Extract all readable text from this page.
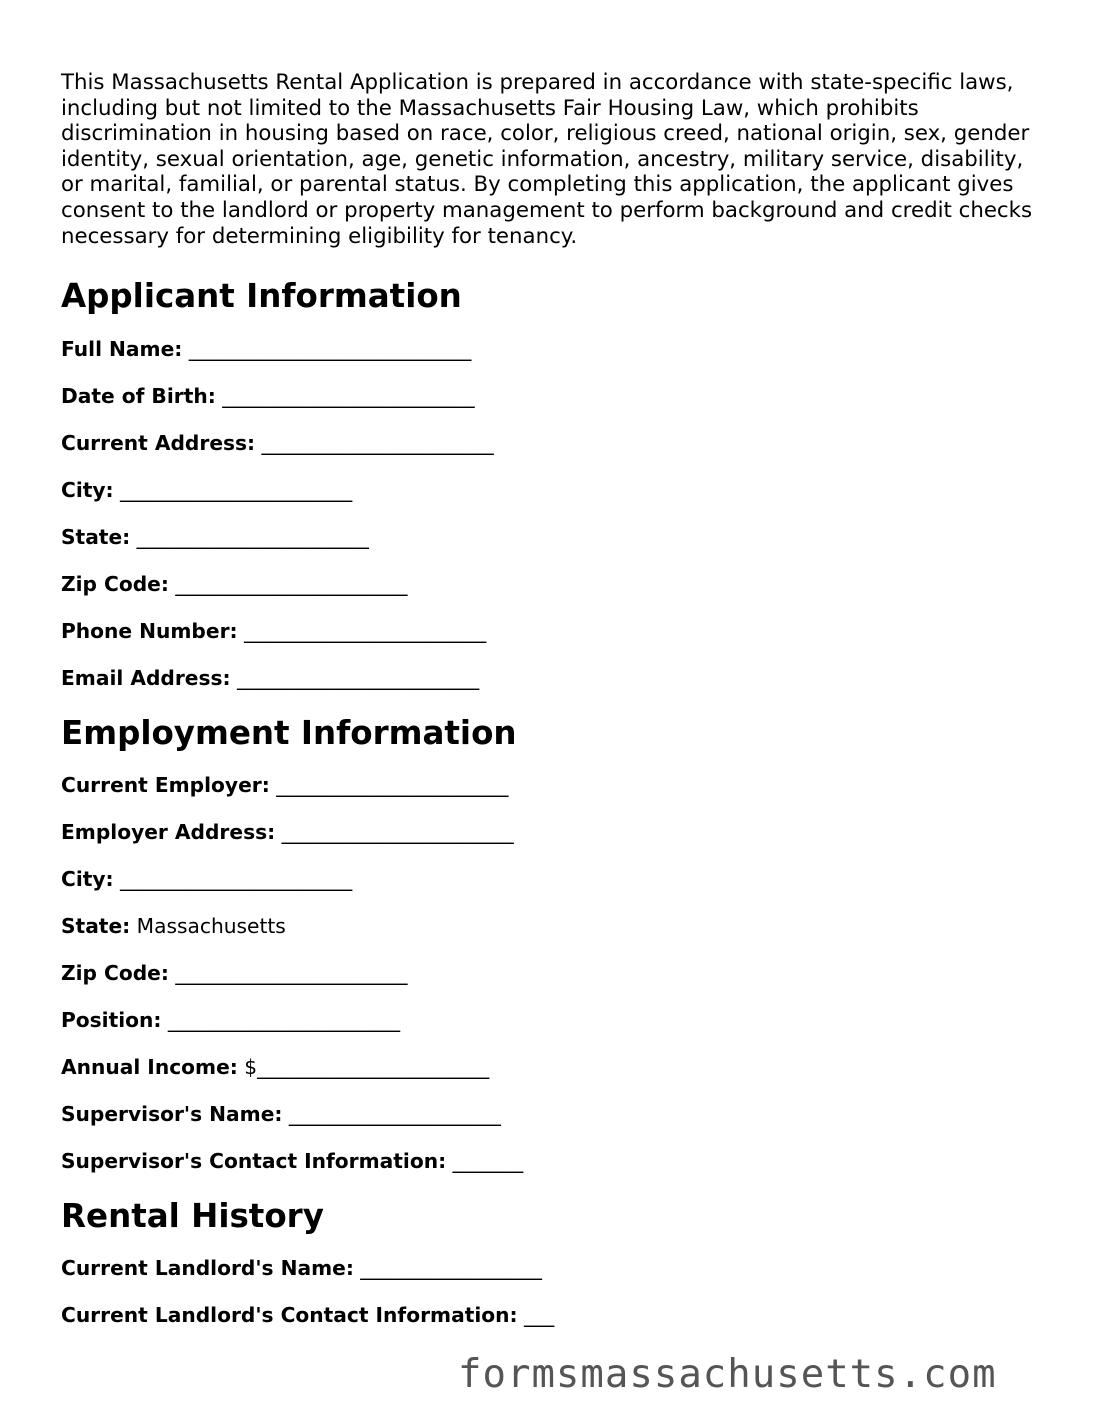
This Massachusetts Rental Application is prepared in accordance with state-specific laws, including but not limited to the Massachusetts Fair Housing Law, which prohibits discrimination in housing based on race, color, religious creed, national origin, sex, gender identity, sexual orientation, age, genetic information, ancestry, military service, disability, or marital, familial, or parental status. By completing this application, the applicant gives consent to the landlord or property management to perform background and credit checks necessary for determining eligibility for tenancy.

Applicant Information

Full Name: ____________________________

Date of Birth: _________________________

Current Address: _______________________

City: _______________________

State: _______________________

Zip Code: _______________________

Phone Number: ________________________

Email Address: ________________________

Employment Information

Current Employer: _______________________

Employer Address: _______________________

City: _______________________

State: Massachusetts

Zip Code: _______________________

Position: _______________________

Annual Income: $_______________________

Supervisor's Name: _____________________

Supervisor's Contact Information: _______

Rental History

Current Landlord's Name: __________________

Current Landlord's Contact Information: ___

formsmassachusetts.com
